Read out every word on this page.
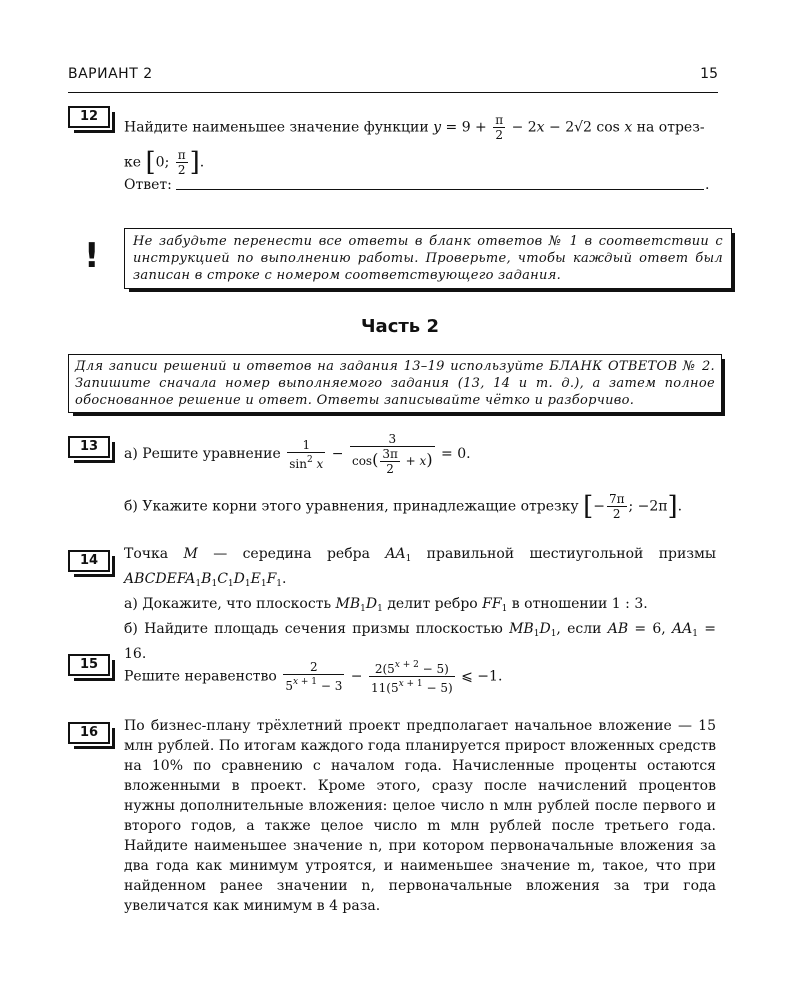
ВАРИАНТ 2	15
12
Найдите наименьшее значение функции $y = 9 + \frac{\pi}{2} - 2x - 2√2$ cos x на отрез-
ке [0; $\frac{\pi}{2}$ ].
Ответ:	.
!	Не забудьте перенести все ответы в бланк ответов № 1 в соответствии с инструкцией по выполнению работы. Проверьте, чтобы каждый ответ был записан в строке с номером соответствующего задания.
Часть 2
Для записи решений и ответов на задания 13–19 используйте БЛАНК ОТВЕТОВ № 2. Запишите сначала номер выполняемого задания (13, 14 и т. д.), а затем полное обоснованное решение и ответ. Ответы записывайте чётко и разборчиво.
13	а) Решите уравнение $\frac{1}{\sin^2 x} - \frac{3}{\cos( \frac{3\pi}{2} + x)} = 0$.
б) Укажите корни этого уравнения, принадлежащие отрезку [− $\frac{7\pi}{2}$ ; −2π].
14	Точка M — середина ребра $AA_1$ правильной шестиугольной призмы $ABCDEFA_1B_1C_1D_1E_1F_1$.
а) Докажите, что плоскость $MB_1D_1$ делит ребро $FF_1$ в отношении 1 : 3.
б) Найдите площадь сечения призмы плоскостью $MB_1D_1$, если AB = 6, $AA_1 = 16$.
15
Решите неравенство $\frac{2}{5^{x + 1} - 3} - \frac{2(5^{x + 2} - 5)}{11(5^{x + 1} - 5)}$ ⩽ −1.
16	По бизнес-плану трёхлетний проект предполагает начальное вложение — 15 млн рублей. По итогам каждого года планируется прирост вложенных средств на 10% по сравнению с началом года. Начисленные проценты остаются вложенными в проект. Кроме этого, сразу после начислений процентов нужны дополнительные вложения: целое число n млн рублей после первого и второго годов, а также целое число m млн рублей после третьего года. Найдите наименьшее значение n, при котором первоначальные вложения за два года как минимум утроятся, и наименьшее значение m, такое, что при найденном ранее значении n, первоначальные вложения за три года увеличатся как минимум в 4 раза.
